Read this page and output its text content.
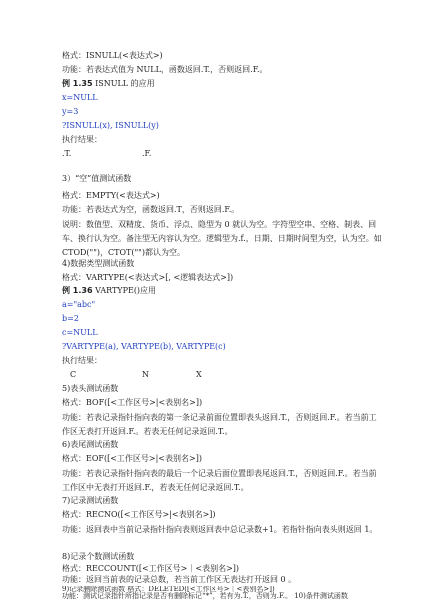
格式：ISNULL(<表达式>)
功能：若表达式值为 NULL，函数返回.T.，否则返回.F.。
例 1.35 ISNULL 的应用
x=NULL
y=3
?ISNULL(x), ISNULL(y)
执行结果：
.T.	.F.
3）“空”值测试函数
格式：EMPTY(<表达式>)
功能：若表达式为空，函数返回.T，否则返回.F.。
说明：数值型、双精度、货币、浮点、隐型为 0 就认为空。字符型空串、空格、制表、回车、换行认为空。备注型无内容认为空。逻辑型为.f.，日期、日期时间型为空，认为空。如 CTOD("")，CTOT("")都认为空。
4)数据类型测试函数
格式：VARTYPE(<表达式>[, <逻辑表达式>])
例 1.36 VARTYPE()应用
a="abc"
b=2
c=NULL
?VARTYPE(a), VARTYPE(b), VARTYPE(c)
执行结果：
C	N	X
5)表头测试函数
格式：BOF([<工作区号>|<表别名>])
功能：若表记录指针指向表的第一条记录前面位置即表头返回.T.，否则返回.F.。若当前工作区无表打开返回.F.。若表无任何记录返回.T.。
6)表尾测试函数
格式：EOF([<工作区号>|<表别名>])
功能：若表记录指针指向表的最后一个记录后面位置即表尾返回.T.，否则返回.F.。若当前工作区中无表打开返回.F.，若表无任何记录返回.T.。
7)记录测试函数
格式：RECNO([<工作区号>|<表别名>])
功能：返回表中当前记录指针指向表则返回表中总记录数+1。若指针指向表头则返回 1。
8)记录个数测试函数
格式：RECCOUNT([<工作区号>｜<表别名>])
功能：返回当前表的记录总数，若当前工作区无表达打开返回 0 。
9)记录删除测试函数 格式：DELETED([<工作区号>｜<表别名>])
功能：测试记录指针所指记录是否有删除标记“*”，若有为.T.，否则为.F.。 10)条件测试函数
